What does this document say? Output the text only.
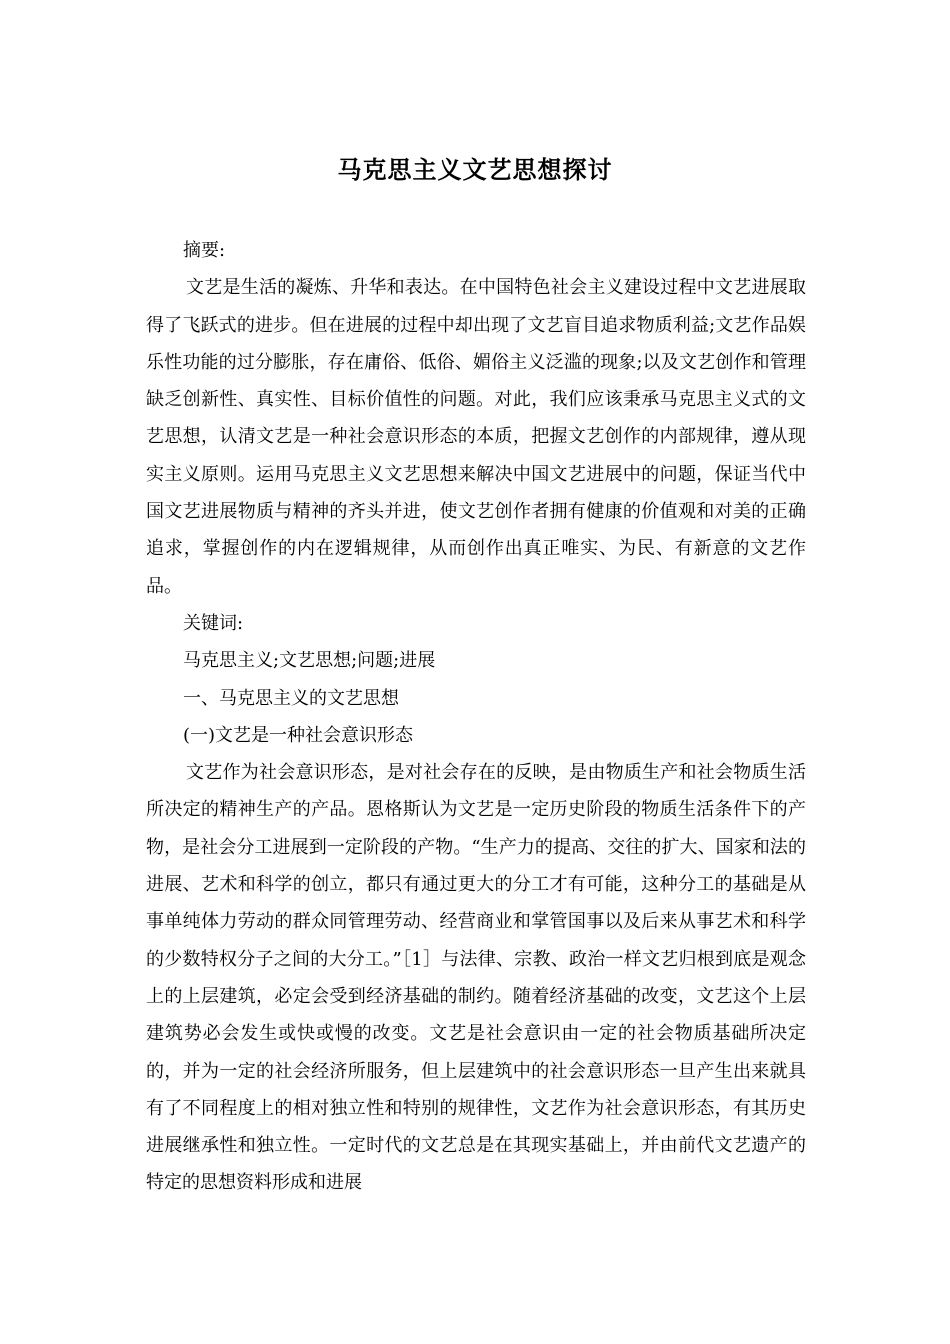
马克思主义文艺思想探讨

摘要:

文艺是生活的凝炼、升华和表达。在中国特色社会主义建设过程中文艺进展取得了飞跃式的进步。但在进展的过程中却出现了文艺盲目追求物质利益;文艺作品娱乐性功能的过分膨胀，存在庸俗、低俗、媚俗主义泛滥的现象;以及文艺创作和管理缺乏创新性、真实性、目标价值性的问题。对此，我们应该秉承马克思主义式的文艺思想，认清文艺是一种社会意识形态的本质，把握文艺创作的内部规律，遵从现实主义原则。运用马克思主义文艺思想来解决中国文艺进展中的问题，保证当代中国文艺进展物质与精神的齐头并进，使文艺创作者拥有健康的价值观和对美的正确追求，掌握创作的内在逻辑规律，从而创作出真正唯实、为民、有新意的文艺作品。

关键词:

马克思主义;文艺思想;问题;进展

一、马克思主义的文艺思想

(一)文艺是一种社会意识形态

文艺作为社会意识形态，是对社会存在的反映，是由物质生产和社会物质生活所决定的精神生产的产品。恩格斯认为文艺是一定历史阶段的物质生活条件下的产物，是社会分工进展到一定阶段的产物。“生产力的提高、交往的扩大、国家和法的进展、艺术和科学的创立，都只有通过更大的分工才有可能，这种分工的基础是从事单纯体力劳动的群众同管理劳动、经营商业和掌管国事以及后来从事艺术和科学的少数特权分子之间的大分工。”［1］与法律、宗教、政治一样文艺归根到底是观念上的上层建筑，必定会受到经济基础的制约。随着经济基础的改变，文艺这个上层建筑势必会发生或快或慢的改变。文艺是社会意识由一定的社会物质基础所决定的，并为一定的社会经济所服务，但上层建筑中的社会意识形态一旦产生出来就具有了不同程度上的相对独立性和特别的规律性，文艺作为社会意识形态，有其历史进展继承性和独立性。一定时代的文艺总是在其现实基础上，并由前代文艺遗产的特定的思想资料形成和进展
